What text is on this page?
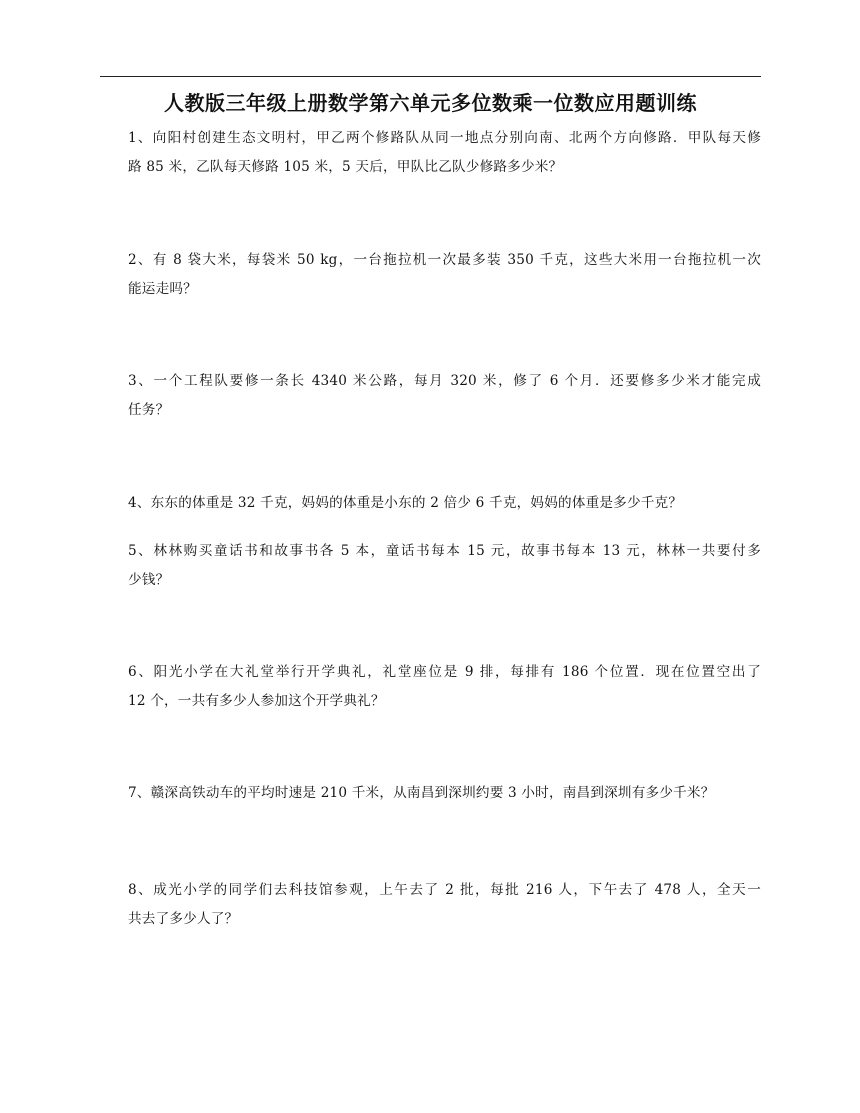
人教版三年级上册数学第六单元多位数乘一位数应用题训练
1、向阳村创建生态文明村，甲乙两个修路队从同一地点分别向南、北两个方向修路．甲队每天修
路 85 米，乙队每天修路 105 米，5 天后，甲队比乙队少修路多少米？
2、有 8 袋大米，每袋米 50 kg，一台拖拉机一次最多装 350 千克，这些大米用一台拖拉机一次
能运走吗？
3、一个工程队要修一条长 4340 米公路，每月 320 米，修了 6 个月．还要修多少米才能完成
任务？
4、东东的体重是 32 千克，妈妈的体重是小东的 2 倍少 6 千克，妈妈的体重是多少千克？
5、林林购买童话书和故事书各 5 本，童话书每本 15 元，故事书每本 13 元，林林一共要付多
少钱？
6、阳光小学在大礼堂举行开学典礼，礼堂座位是 9 排，每排有 186 个位置．现在位置空出了
12 个，一共有多少人参加这个开学典礼？
7、赣深高铁动车的平均时速是 210 千米，从南昌到深圳约要 3 小时，南昌到深圳有多少千米？
8、成光小学的同学们去科技馆参观，上午去了 2 批，每批 216 人，下午去了 478 人，全天一
共去了多少人了？
